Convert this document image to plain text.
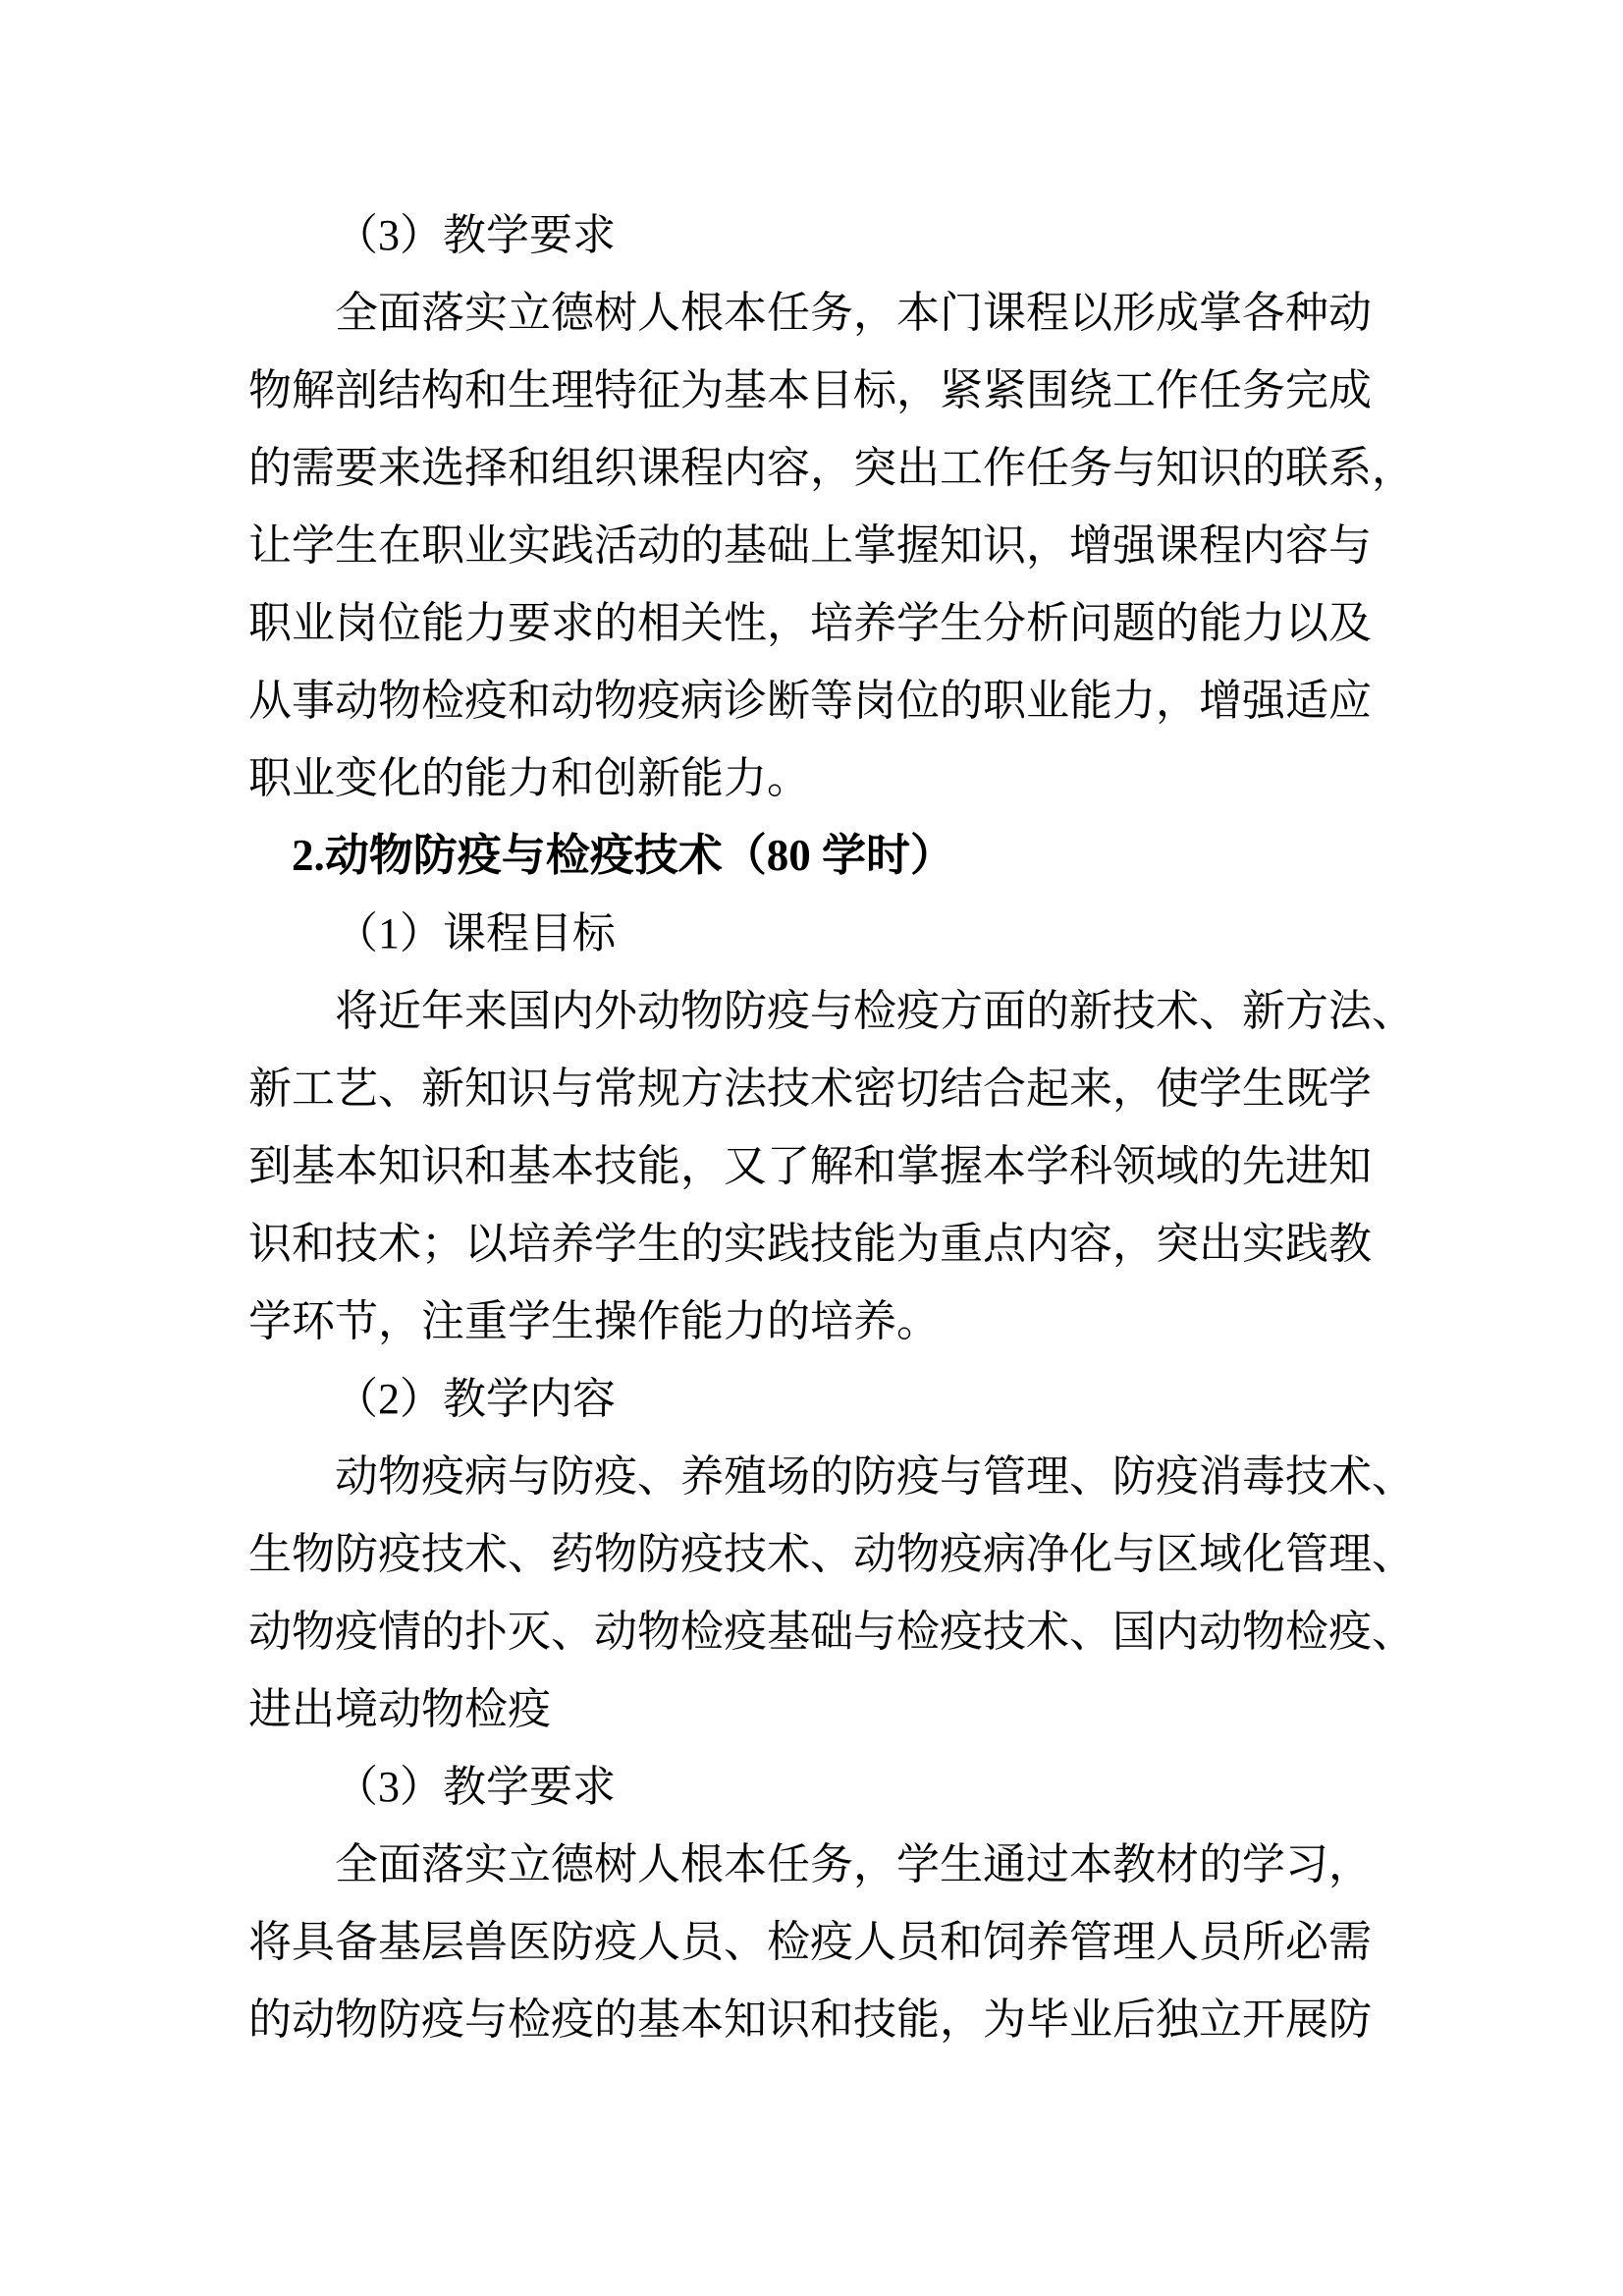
（3）教学要求
全面落实立德树人根本任务，本门课程以形成掌各种动
物解剖结构和生理特征为基本目标，紧紧围绕工作任务完成
的需要来选择和组织课程内容，突出工作任务与知识的联系，
让学生在职业实践活动的基础上掌握知识，增强课程内容与
职业岗位能力要求的相关性，培养学生分析问题的能力以及
从事动物检疫和动物疫病诊断等岗位的职业能力，增强适应
职业变化的能力和创新能力。
2.动物防疫与检疫技术（80 学时）
（1）课程目标
将近年来国内外动物防疫与检疫方面的新技术、新方法、
新工艺、新知识与常规方法技术密切结合起来，使学生既学
到基本知识和基本技能，又了解和掌握本学科领域的先进知
识和技术；以培养学生的实践技能为重点内容，突出实践教
学环节，注重学生操作能力的培养。
（2）教学内容
动物疫病与防疫、养殖场的防疫与管理、防疫消毒技术、
生物防疫技术、药物防疫技术、动物疫病净化与区域化管理、
动物疫情的扑灭、动物检疫基础与检疫技术、国内动物检疫、
进出境动物检疫
（3）教学要求
全面落实立德树人根本任务，学生通过本教材的学习，
将具备基层兽医防疫人员、检疫人员和饲养管理人员所必需
的动物防疫与检疫的基本知识和技能，为毕业后独立开展防
